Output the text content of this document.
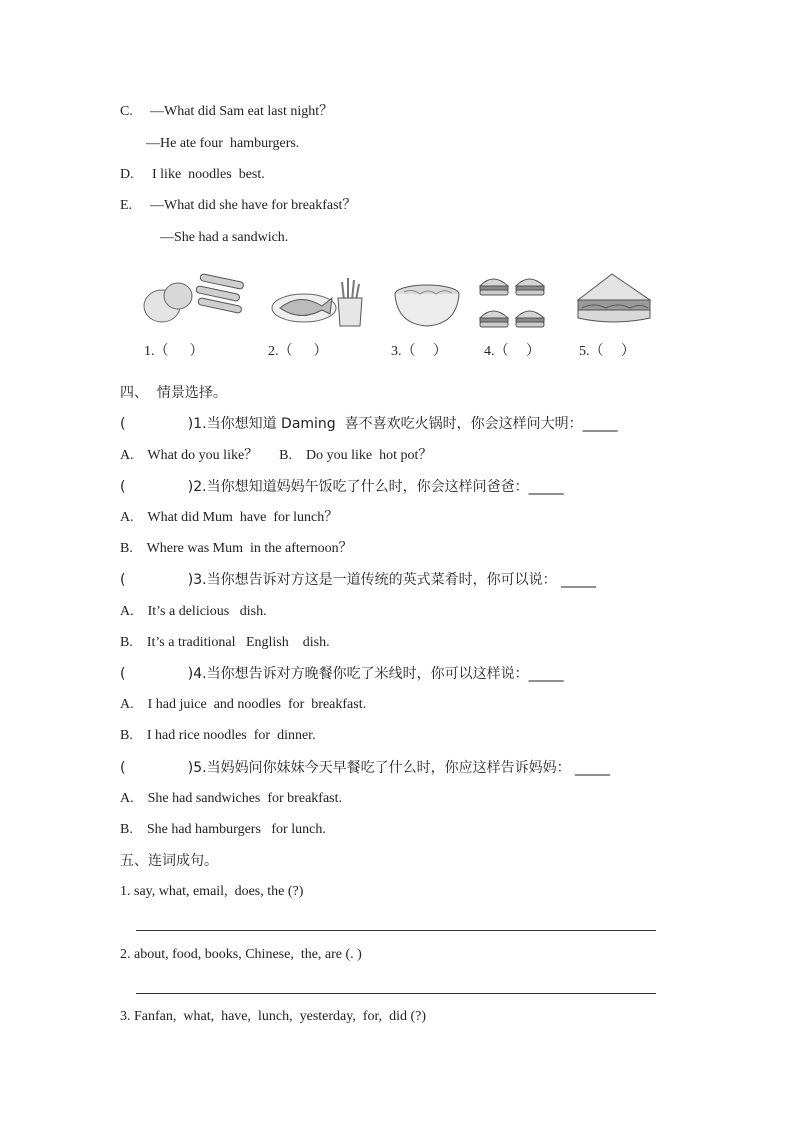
C. —What did Sam eat last night？
—He ate four  hamburgers.
D. I like  noodles  best.
E. —What did she have for breakfast？
—She had a sandwich.
1.（      ）	2.（      ）	3.（     ）	4.（     ）	5.（     ）
四、  情景选择。
(              )1.当你想知道 Daming  喜不喜欢吃火锅时，你会这样问大明：_____
A.    What do you like？      B.    Do you like  hot pot？
(              )2.当你想知道妈妈午饭吃了什么时，你会这样问爸爸：_____
A.    What did Mum  have  for lunch？
B.    Where was Mum  in the afternoon？
(              )3.当你想告诉对方这是一道传统的英式菜肴时，你可以说： _____
A.    It’s a delicious   dish.
B.    It’s a traditional   English    dish.
(              )4.当你想告诉对方晚餐你吃了米线时，你可以这样说：_____
A.    I had juice  and noodles  for  breakfast.
B.    I had rice noodles  for  dinner.
(              )5.当妈妈问你妹妹今天早餐吃了什么时，你应这样告诉妈妈： _____
A.    She had sandwiches  for breakfast.
B.    She had hamburgers   for lunch.
五、连词成句。
1. say, what, email,  does, the (?)
2. about, food, books, Chinese,  the, are (. )
3. Fanfan,  what,  have,  lunch,  yesterday,  for,  did (?)
